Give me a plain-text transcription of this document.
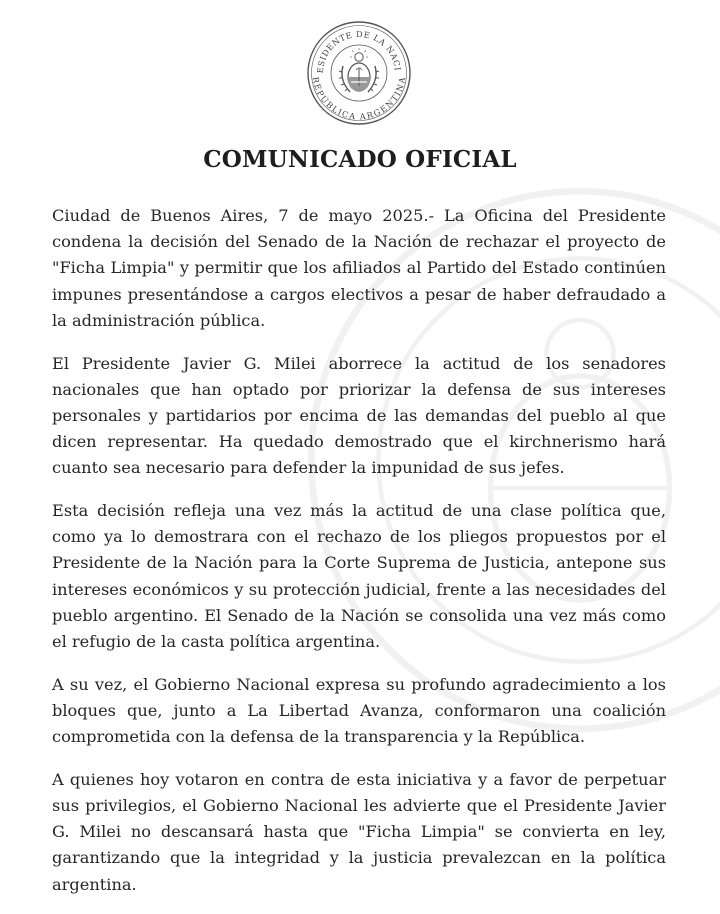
ESIDENTE DE LA NACI
REPÚBLICA ARGENTINA
COMUNICADO OFICIAL

Ciudad de Buenos Aires, 7 de mayo 2025.- La Oficina del Presidente condena la decisión del Senado de la Nación de rechazar el proyecto de "Ficha Limpia" y permitir que los afiliados al Partido del Estado continúen impunes presentándose a cargos electivos a pesar de haber defraudado a la administración pública.

El Presidente Javier G. Milei aborrece la actitud de los senadores nacionales que han optado por priorizar la defensa de sus intereses personales y partidarios por encima de las demandas del pueblo al que dicen representar. Ha quedado demostrado que el kirchnerismo hará cuanto sea necesario para defender la impunidad de sus jefes.

Esta decisión refleja una vez más la actitud de una clase política que, como ya lo demostrara con el rechazo de los pliegos propuestos por el Presidente de la Nación para la Corte Suprema de Justicia, antepone sus intereses económicos y su protección judicial, frente a las necesidades del pueblo argentino. El Senado de la Nación se consolida una vez más como el refugio de la casta política argentina.

A su vez, el Gobierno Nacional expresa su profundo agradecimiento a los bloques que, junto a La Libertad Avanza, conformaron una coalición comprometida con la defensa de la transparencia y la República.

A quienes hoy votaron en contra de esta iniciativa y a favor de perpetuar sus privilegios, el Gobierno Nacional les advierte que el Presidente Javier G. Milei no descansará hasta que "Ficha Limpia" se convierta en ley, garantizando que la integridad y la justicia prevalezcan en la política argentina.
